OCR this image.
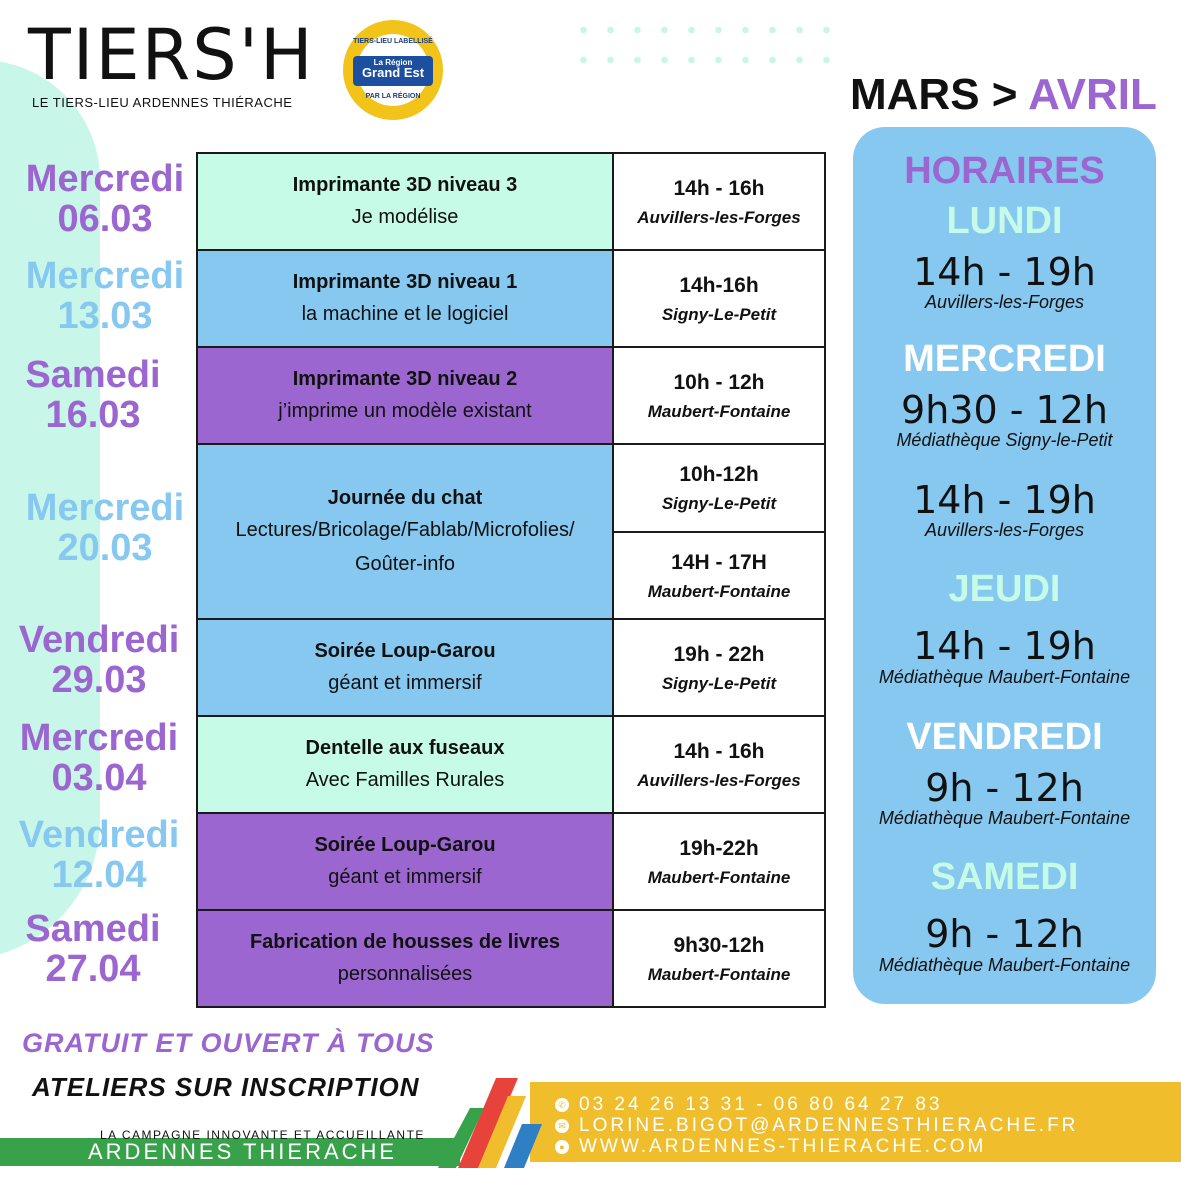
TIERS'H
LE TIERS-LIEU ARDENNES THIÉRACHE
TIERS-LIEU LABELLISÉ
La Région
Grand Est
PAR LA RÉGION	MARS > AVRIL
Mercredi
06.03
Mercredi
13.03
Samedi
16.03
Mercredi
20.03
Vendredi
29.03
Mercredi
03.04
Vendredi
12.04
Samedi
27.04
Imprimante 3D niveau 3
Je modélise
14h - 16h
Auvillers-les-Forges
Imprimante 3D niveau 1
la machine et le logiciel
14h-16h
Signy-Le-Petit
Imprimante 3D niveau 2
j’imprime un modèle existant
10h - 12h
Maubert-Fontaine
Journée du chat
Lectures/Bricolage/Fablab/Microfolies/
Goûter-info
10h-12h
Signy-Le-Petit
14H - 17H
Maubert-Fontaine
Soirée Loup-Garou
géant et immersif
19h - 22h
Signy-Le-Petit
Dentelle aux fuseaux
Avec Familles Rurales
14h - 16h
Auvillers-les-Forges
Soirée Loup-Garou
géant et immersif
19h-22h
Maubert-Fontaine
Fabrication de housses de livres
personnalisées
9h30-12h
Maubert-Fontaine
HORAIRES
LUNDI
14h - 19h
Auvillers-les-Forges
MERCREDI
9h30 - 12h
Médiathèque Signy-le-Petit
14h - 19h
Auvillers-les-Forges
JEUDI
14h - 19h
Médiathèque Maubert-Fontaine
VENDREDI
9h - 12h
Médiathèque Maubert-Fontaine
SAMEDI
9h - 12h
Médiathèque Maubert-Fontaine
GRATUIT ET OUVERT À TOUS
ATELIERS SUR INSCRIPTION
LA CAMPAGNE INNOVANTE ET ACCUEILLANTE
ARDENNES THIERACHE
✆ 03 24 26 13 31 - 06 80 64 27 83
✉ LORINE.BIGOT@ARDENNESTHIERACHE.FR
● WWW.ARDENNES-THIERACHE.COM
